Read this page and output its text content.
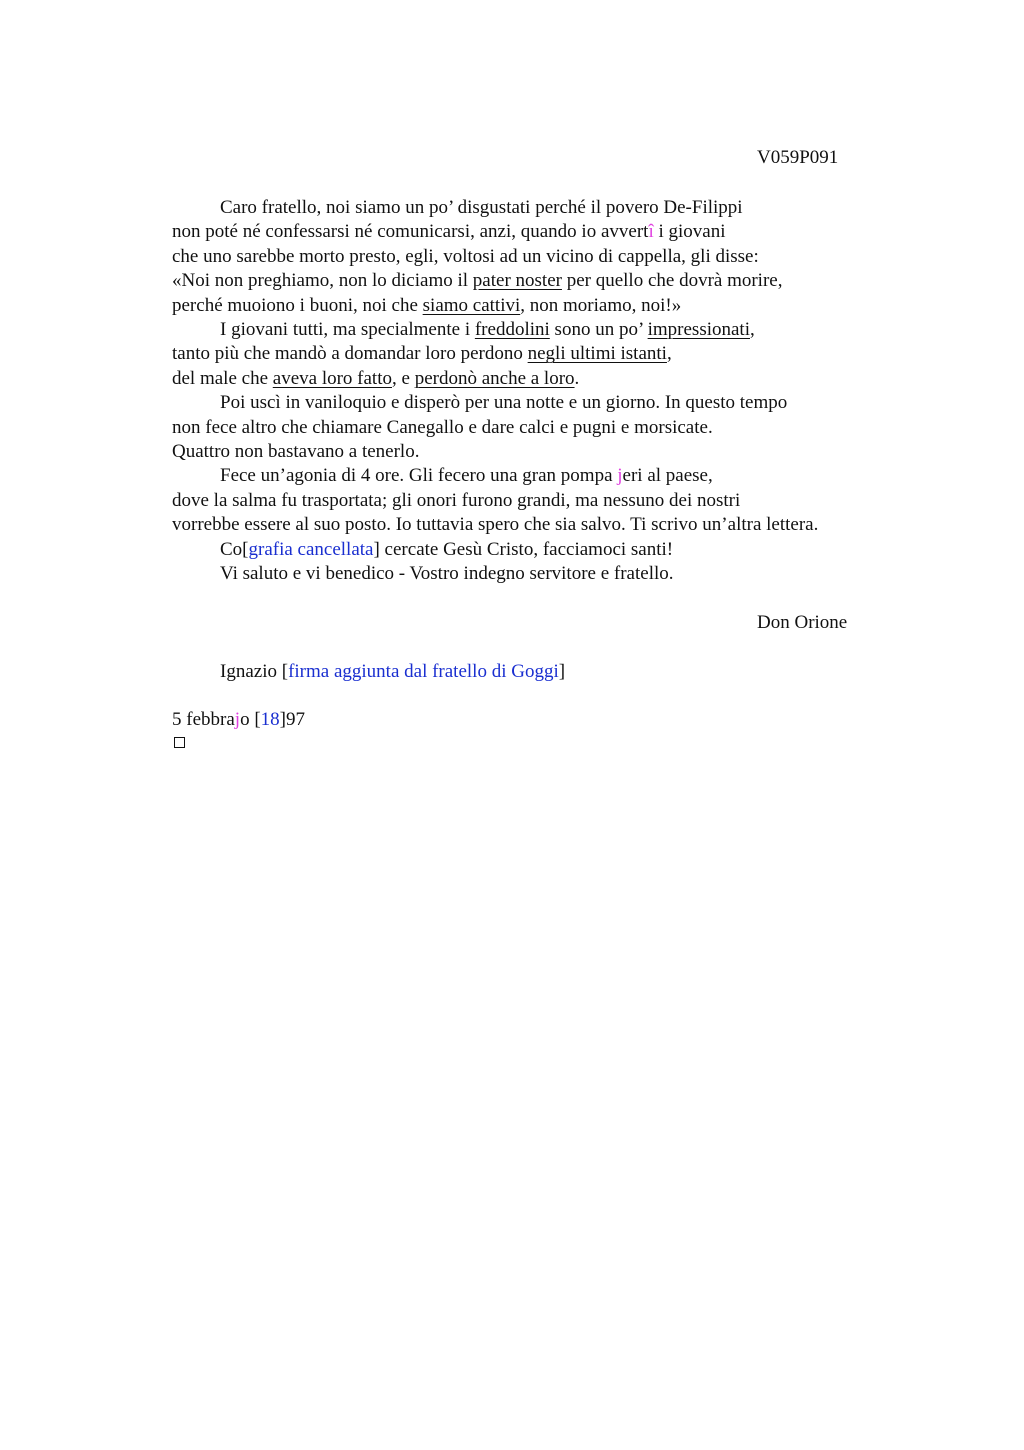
V059P091
Caro fratello, noi siamo un po’ disgustati perché il povero De-Filippi
non poté né confessarsi né comunicarsi, anzi, quando io avvertî i giovani
che uno sarebbe morto presto, egli, voltosi ad un vicino di cappella, gli disse:
«Noi non preghiamo, non lo diciamo il pater noster per quello che dovrà morire,
perché muoiono i buoni, noi che siamo cattivi, non moriamo, noi!»
I giovani tutti, ma specialmente i freddolini sono un po’ impressionati,
tanto più che mandò a domandar loro perdono negli ultimi istanti,
del male che aveva loro fatto, e perdonò anche a loro.
Poi uscì in vaniloquio e disperò per una notte e un giorno. In questo tempo
non fece altro che chiamare Canegallo e dare calci e pugni e morsicate.
Quattro non bastavano a tenerlo.
Fece un’agonia di 4 ore. Gli fecero una gran pompa jeri al paese,
dove la salma fu trasportata; gli onori furono grandi, ma nessuno dei nostri
vorrebbe essere al suo posto. Io tuttavia spero che sia salvo. Ti scrivo un’altra lettera.
Co[grafia cancellata] cercate Gesù Cristo, facciamoci santi!
Vi saluto e vi benedico - Vostro indegno servitore e fratello.
Don Orione
Ignazio [firma aggiunta dal fratello di Goggi]
5 febbrajo [18]97
